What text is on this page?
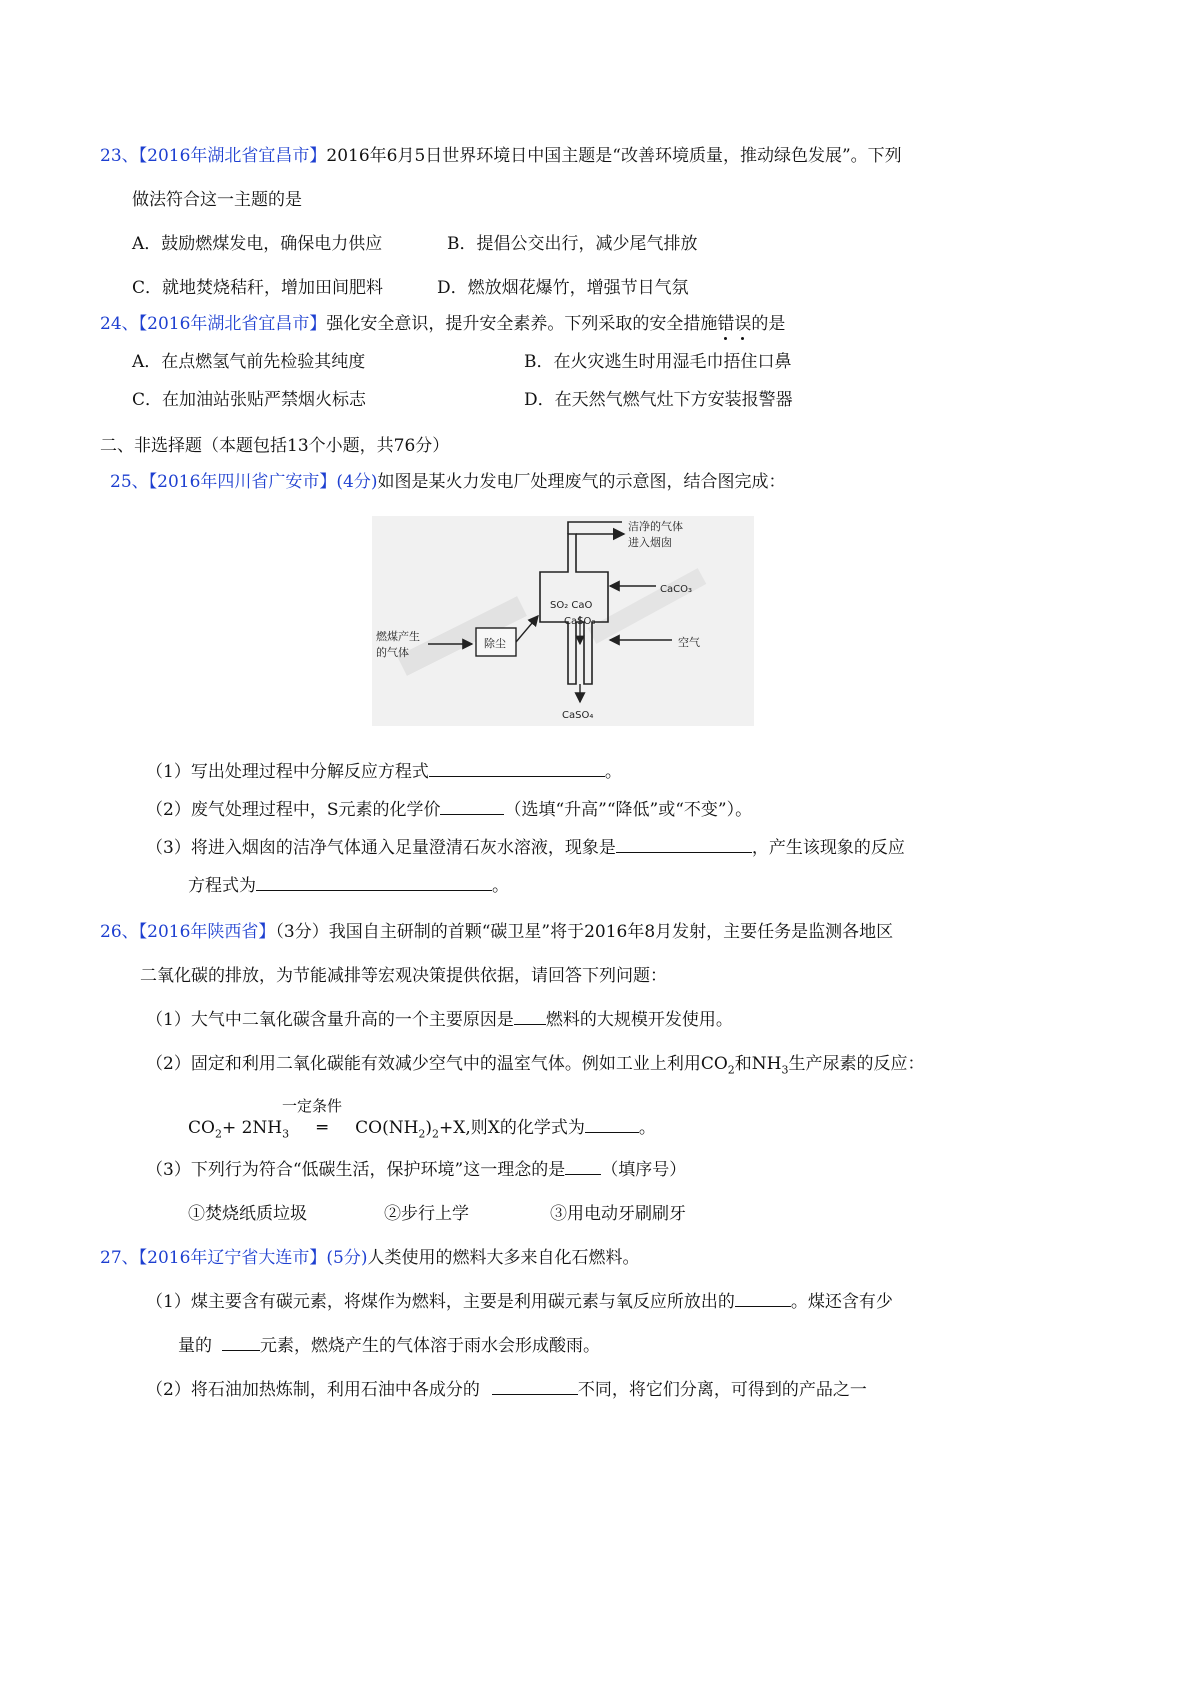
23、【2016年湖北省宜昌市】2016年6月5日世界环境日中国主题是“改善环境质量，推动绿色发展”。下列
做法符合这一主题的是
A．鼓励燃煤发电，确保电力供应	B．提倡公交出行，减少尾气排放
C．就地焚烧秸秆，增加田间肥料	D．燃放烟花爆竹，增强节日气氛
24、【2016年湖北省宜昌市】强化安全意识，提升安全素养。下列采取的安全措施错误的是
A．在点燃氢气前先检验其纯度	B．在火灾逃生时用湿毛巾捂住口鼻
C．在加油站张贴严禁烟火标志	D．在天然气燃气灶下方安装报警器
二、非选择题（本题包括13个小题，共76分）
25、【2016年四川省广安市】(4分)如图是某火力发电厂处理废气的示意图，结合图完成：
洁净的气体
进入烟囱
CaCO₃
SO₂ CaO
CaSO₃
空气
燃煤产生
的气体
除尘
CaSO₄
（1）写出处理过程中分解反应方程式	。
（2）废气处理过程中，S元素的化学价	（选填“升高”“降低”或“不变”）。
（3）将进入烟囱的洁净气体通入足量澄清石灰水溶液，现象是	，产生该现象的反应
方程式为	。
26、【2016年陕西省】（3分）我国自主研制的首颗“碳卫星”将于2016年8月发射，主要任务是监测各地区
二氧化碳的排放，为节能减排等宏观决策提供依据，请回答下列问题：
（1）大气中二氧化碳含量升高的一个主要原因是 燃料的大规模开发使用。
（2）固定和利用二氧化碳能有效减少空气中的温室气体。例如工业上利用$CO_2$和$NH_3$生产尿素的反应：
一定条件
$CO_2+ 2NH_3$ ═ $CO(NH_2)_2+X$,则X的化学式为	。
（3）下列行为符合“低碳生活，保护环境”这一理念的是 （填序号）
①焚烧纸质垃圾	②步行上学	③用电动牙刷刷牙
27、【2016年辽宁省大连市】(5分)人类使用的燃料大多来自化石燃料。
（1）煤主要含有碳元素，将煤作为燃料，主要是利用碳元素与氧反应所放出的	。煤还含有少
量的	元素，燃烧产生的气体溶于雨水会形成酸雨。
（2）将石油加热炼制，利用石油中各成分的	不同，将它们分离，可得到的产品之一
